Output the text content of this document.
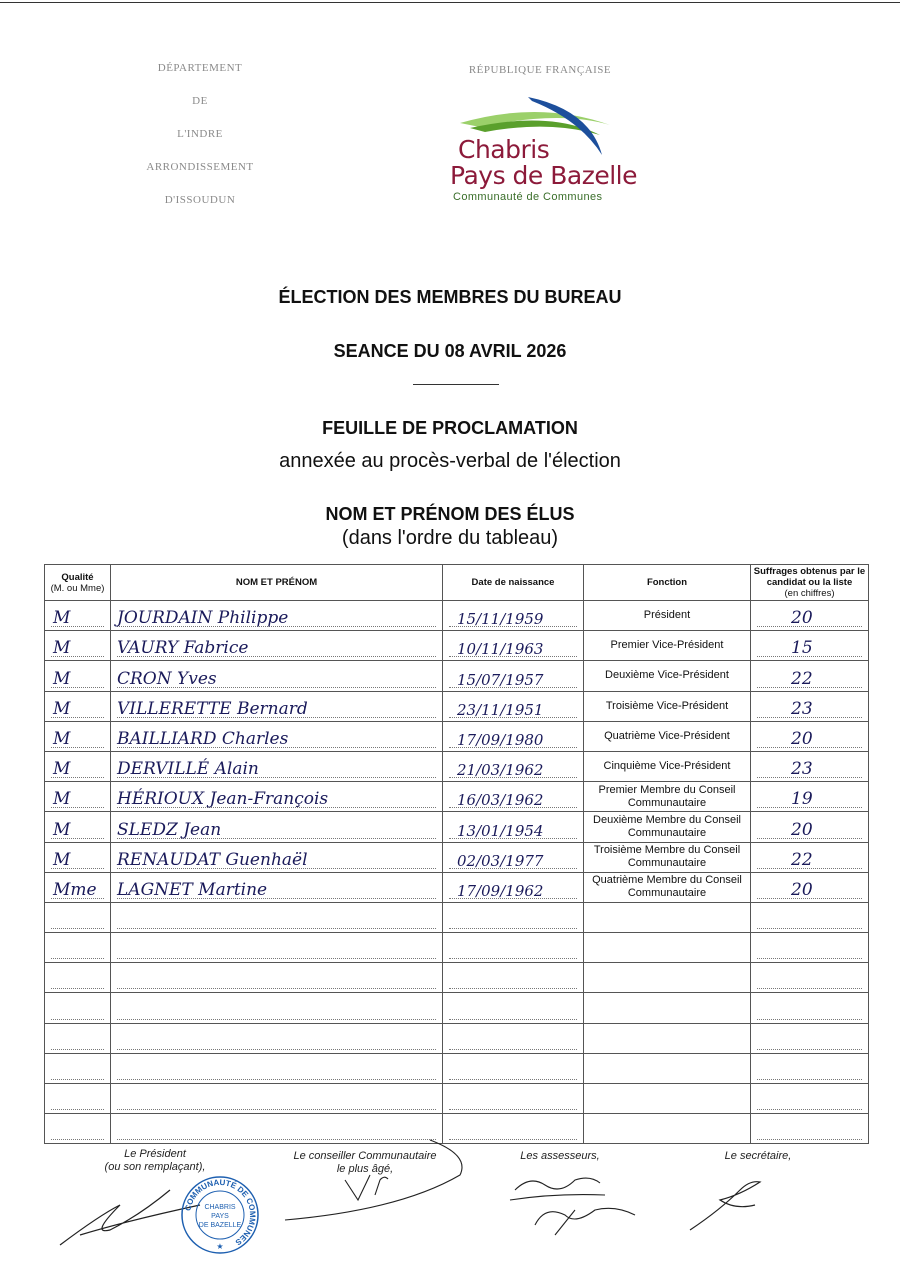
DÉPARTEMENT
DE
L'INDRE
ARRONDISSEMENT
D'ISSOUDUN
RÉPUBLIQUE FRANÇAISE
Chabris
Pays de Bazelle
Communauté de Communes
ÉLECTION DES MEMBRES DU BUREAU
SEANCE DU 08 AVRIL 2026
FEUILLE DE PROCLAMATION
annexée au procès-verbal de l'élection
NOM ET PRÉNOM DES ÉLUS
(dans l'ordre du tableau)
Qualité
(M. ou Mme)	NOM ET PRÉNOM	Date de naissance	Fonction	Suffrages obtenus par le candidat ou la liste
(en chiffres)

M	JOURDAIN Philippe	15/11/1959	Président	20

M	VAURY Fabrice	10/11/1963	Premier Vice-Président	15

M	CRON Yves	15/07/1957	Deuxième Vice-Président	22

M	VILLERETTE Bernard	23/11/1951	Troisième Vice-Président	23

M	BAILLIARD Charles	17/09/1980	Quatrième Vice-Président	20

M	DERVILLÉ Alain	21/03/1962	Cinquième Vice-Président	23

M	HÉRIOUX Jean-François	16/03/1962	Premier Membre du Conseil Communautaire	19

M	SLEDZ Jean	13/01/1954	Deuxième Membre du Conseil Communautaire	20

M	RENAUDAT Guenhaël	02/03/1977	Troisième Membre du Conseil Communautaire	22

Mme	LAGNET Martine	17/09/1962	Quatrième Membre du Conseil Communautaire	20

Le Président
(ou son remplaçant),
Le conseiller Communautaire
le plus âgé,
Les assesseurs,	Le secrétaire,
COMMUNAUTÉ DE COMMUNES
CHABRIS
PAYS
DE BAZELLE
★
